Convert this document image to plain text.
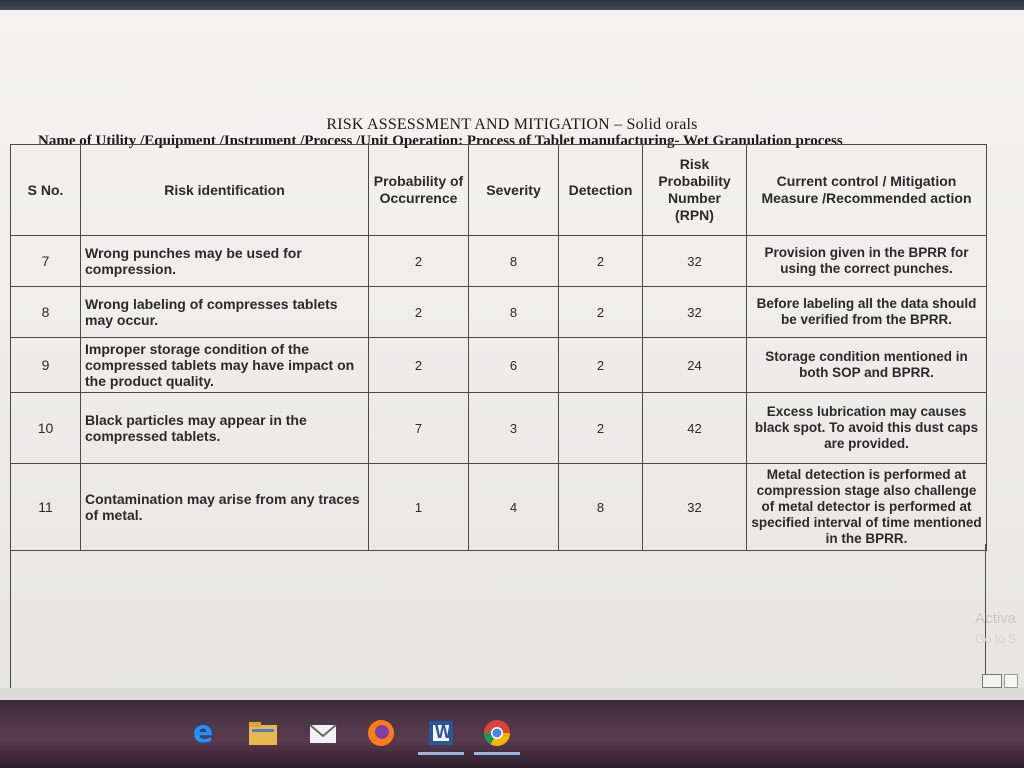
RISK ASSESSMENT AND MITIGATION – Solid orals
Name of Utility /Equipment /Instrument /Process /Unit Operation: Process of Tablet manufacturing- Wet Granulation process
S No.	Risk identification	Probability of Occurrence	Severity	Detection	Risk Probability Number (RPN)	Current control / Mitigation Measure /Recommended action
7	Wrong punches may be used for compression.	2	8	2	32	Provision given in the BPRR for using the correct punches.
8	Wrong labeling of compresses tablets may occur.	2	8	2	32	Before labeling all the data should be verified from the BPRR.
9	Improper storage condition of the compressed tablets may have impact on the product quality.	2	6	2	24	Storage condition mentioned in both SOP and BPRR.
10	Black particles may appear in the compressed tablets.	7	3	2	42	Excess lubrication may causes black spot. To avoid this dust caps are provided.
11	Contamination may arise from any traces of metal.	1	4	8	32	Metal detection is performed at compression stage also challenge of metal detector is performed at specified interval of time mentioned in the BPRR.
Activa
Go to S
e	W
